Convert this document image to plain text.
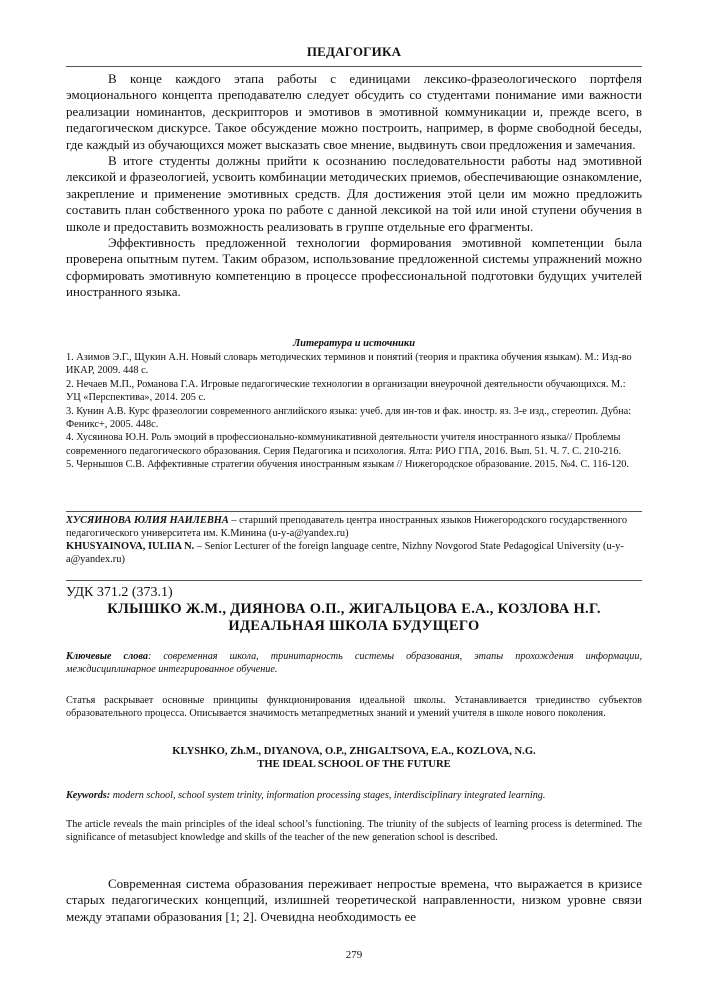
ПЕДАГОГИКА

В конце каждого этапа работы с единицами лексико-фразеологического портфеля эмоционального концепта преподавателю следует обсудить со студентами понимание ими важности реализации номинантов, дескрипторов и эмотивов в эмотивной коммуникации и, прежде всего, в педагогическом дискурсе. Такое обсуждение можно построить, например, в форме свободной беседы, где каждый из обучающихся может высказать свое мнение, выдвинуть свои предложения и замечания.

В итоге студенты должны прийти к осознанию последовательности работы над эмотивной лексикой и фразеологией, усвоить комбинации методических приемов, обеспечивающие ознакомление, закрепление и применение эмотивных средств. Для достижения этой цели им можно предложить составить план собственного урока по работе с данной лексикой на той или иной ступени обучения в школе и предоставить возможность реализовать в группе отдельные его фрагменты.

Эффективность предложенной технологии формирования эмотивной компетенции была проверена опытным путем. Таким образом, использование предложенной системы упражнений можно сформировать эмотивную компетенцию в процессе профессиональной подготовки будущих учителей иностранного языка.

Литература и источники

1. Азимов Э.Г., Щукин А.Н. Новый словарь методических терминов и понятий (теория и практика обучения языкам). М.: Изд-во ИКАР, 2009. 448 с.

2. Нечаев М.П., Романова Г.А. Игровые педагогические технологии в организации внеурочной деятельности обучающихся. М.: УЦ «Перспектива», 2014. 205 с.

3. Кунин А.В. Курс фразеологии современного английского языка: учеб. для ин-тов и фак. иностр. яз. 3-е изд., стереотип. Дубна: Феникс+, 2005. 448с.

4. Хусяинова Ю.Н. Роль эмоций в профессионально-коммуникативной деятельности учителя иностранного языка// Проблемы современного педагогического образования. Серия Педагогика и психология. Ялта: РИО ГПА, 2016. Вып. 51. Ч. 7. С. 210-216.

5. Чернышов С.В. Аффективные стратегии обучения иностранным языкам // Нижегородское образование. 2015. №4. С. 116-120.

ХУСЯИНОВА ЮЛИЯ НАИЛЕВНА – старший преподаватель центра иностранных языков Нижегородского государственного педагогического университета им. К.Минина (u-y-a@yandex.ru)

KHUSYAINOVA, IULIIA N. – Senior Lecturer of the foreign language centre, Nizhny Novgorod State Pedagogical University (u-y-a@yandex.ru)

УДК 371.2 (373.1)

КЛЫШКО Ж.М., ДИЯНОВА О.П., ЖИГАЛЬЦОВА Е.А., КОЗЛОВА Н.Г.

ИДЕАЛЬНАЯ ШКОЛА БУДУЩЕГО

Ключевые слова: современная школа, тринитарность системы образования, этапы прохождения информации, междисциплинарное интегрированное обучение.

Статья раскрывает основные принципы функционирования идеальной школы. Устанавливается триединство субъектов образовательного процесса. Описывается значимость метапредметных знаний и умений учителя в школе нового поколения.

KLYSHKO, Zh.M., DIYANOVA, O.P., ZHIGALTSOVA, E.A., KOZLOVA, N.G.

THE IDEAL SCHOOL OF THE FUTURE

Keywords: modern school, school system trinity, information processing stages, interdisciplinary integrated learning.

The article reveals the main principles of the ideal school’s functioning. The triunity of the subjects of learning process is determined. The significance of metasubject knowledge and skills of the teacher of the new generation school is described.

Современная система образования переживает непростые времена, что выражается в кризисе старых педагогических концепций, излишней теоретической направленности, низком уровне связи между этапами образования [1; 2]. Очевидна необходимость ее

279
